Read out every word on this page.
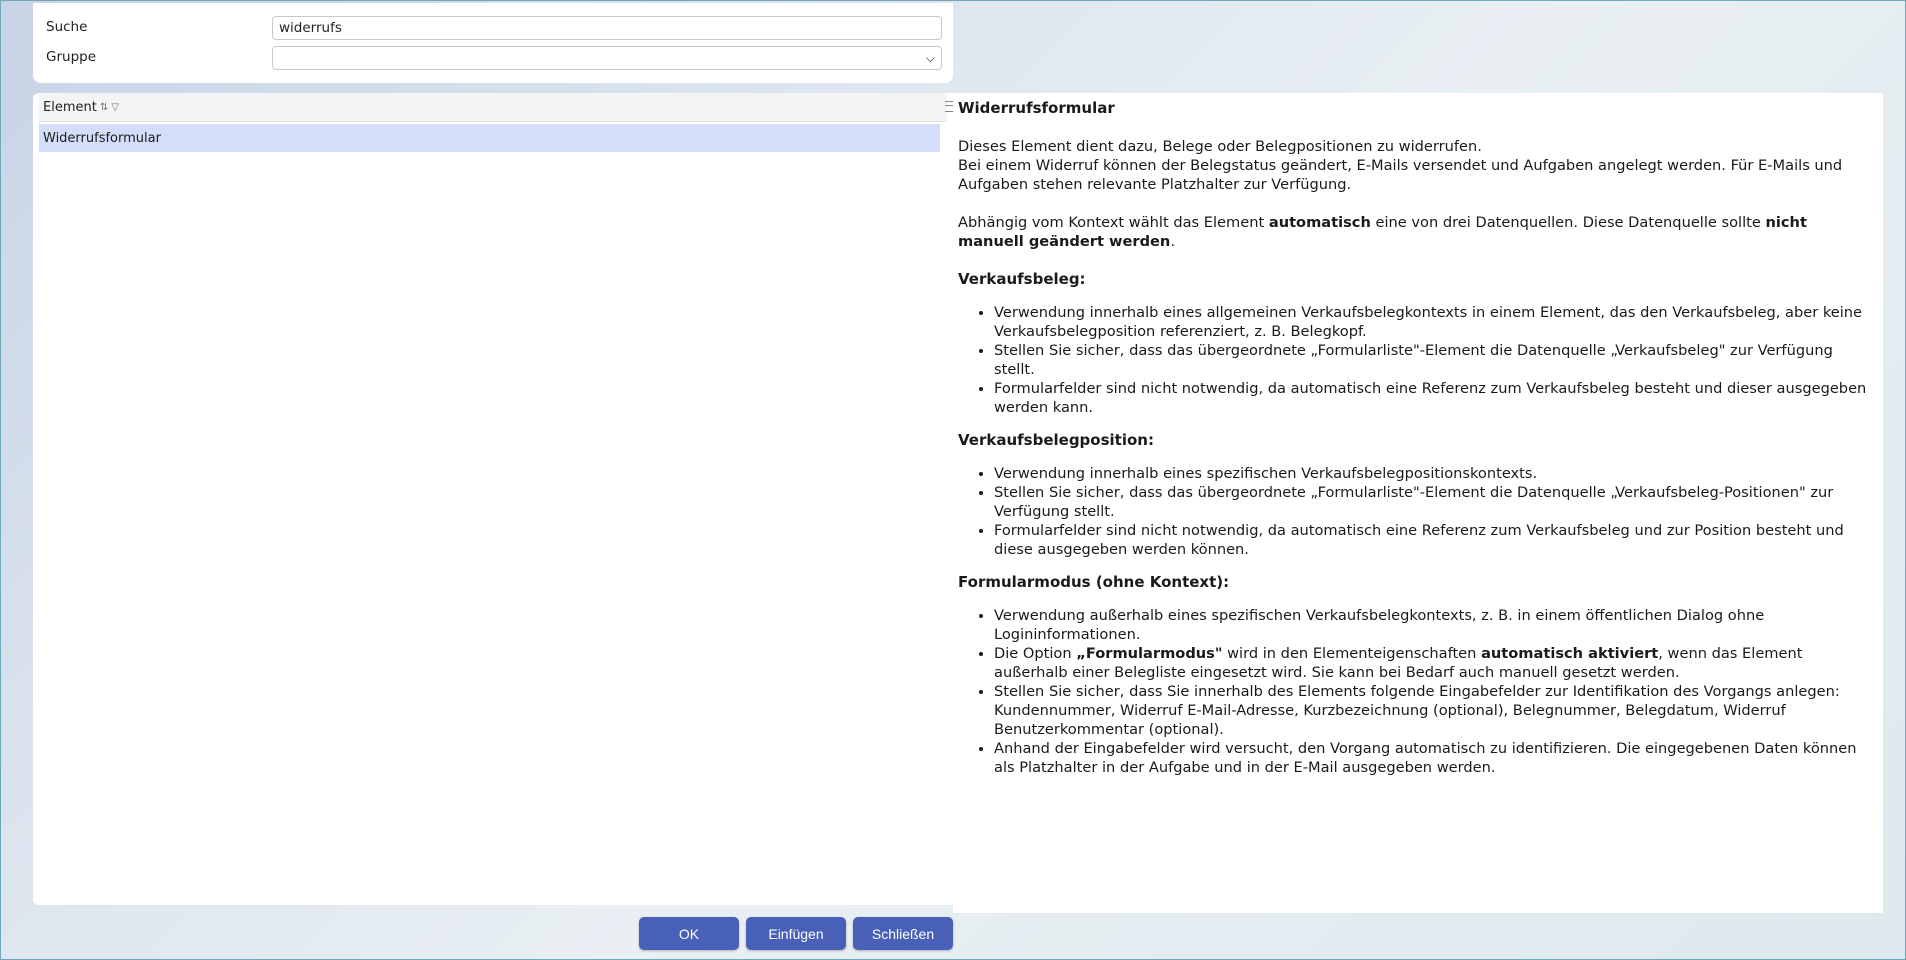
Suche
widerrufs
Gruppe	⌵
Element ⇅ ▽
Widerrufsformular
Widerrufsformular

Dieses Element dient dazu, Belege oder Belegpositionen zu widerrufen.
Bei einem Widerruf können der Belegstatus geändert, E-Mails versendet und Aufgaben angelegt werden. Für E-Mails und Aufgaben stehen relevante Platzhalter zur Verfügung.

Abhängig vom Kontext wählt das Element automatisch eine von drei Datenquellen. Diese Datenquelle sollte nicht manuell geändert werden.

Verkaufsbeleg:
• Verwendung innerhalb eines allgemeinen Verkaufsbelegkontexts in einem Element, das den Verkaufsbeleg, aber keine Verkaufsbelegposition referenziert, z. B. Belegkopf.
• Stellen Sie sicher, dass das übergeordnete „Formularliste"-Element die Datenquelle „Verkaufsbeleg" zur Verfügung stellt.
• Formularfelder sind nicht notwendig, da automatisch eine Referenz zum Verkaufsbeleg besteht und dieser ausgegeben werden kann.
Verkaufsbelegposition:
• Verwendung innerhalb eines spezifischen Verkaufsbelegpositionskontexts.
• Stellen Sie sicher, dass das übergeordnete „Formularliste"-Element die Datenquelle „Verkaufsbeleg-Positionen" zur Verfügung stellt.
• Formularfelder sind nicht notwendig, da automatisch eine Referenz zum Verkaufsbeleg und zur Position besteht und diese ausgegeben werden können.
Formularmodus (ohne Kontext):
• Verwendung außerhalb eines spezifischen Verkaufsbelegkontexts, z. B. in einem öffentlichen Dialog ohne Logininformationen.
• Die Option „Formularmodus" wird in den Elementeigenschaften automatisch aktiviert, wenn das Element außerhalb einer Belegliste eingesetzt wird. Sie kann bei Bedarf auch manuell gesetzt werden.
• Stellen Sie sicher, dass Sie innerhalb des Elements folgende Eingabefelder zur Identifikation des Vorgangs anlegen: Kundennummer, Widerruf E-Mail-Adresse, Kurzbezeichnung (optional), Belegnummer, Belegdatum, Widerruf Benutzerkommentar (optional).
• Anhand der Eingabefelder wird versucht, den Vorgang automatisch zu identifizieren. Die eingegebenen Daten können als Platzhalter in der Aufgabe und in der E-Mail ausgegeben werden.
OK	Einfügen	Schließen
